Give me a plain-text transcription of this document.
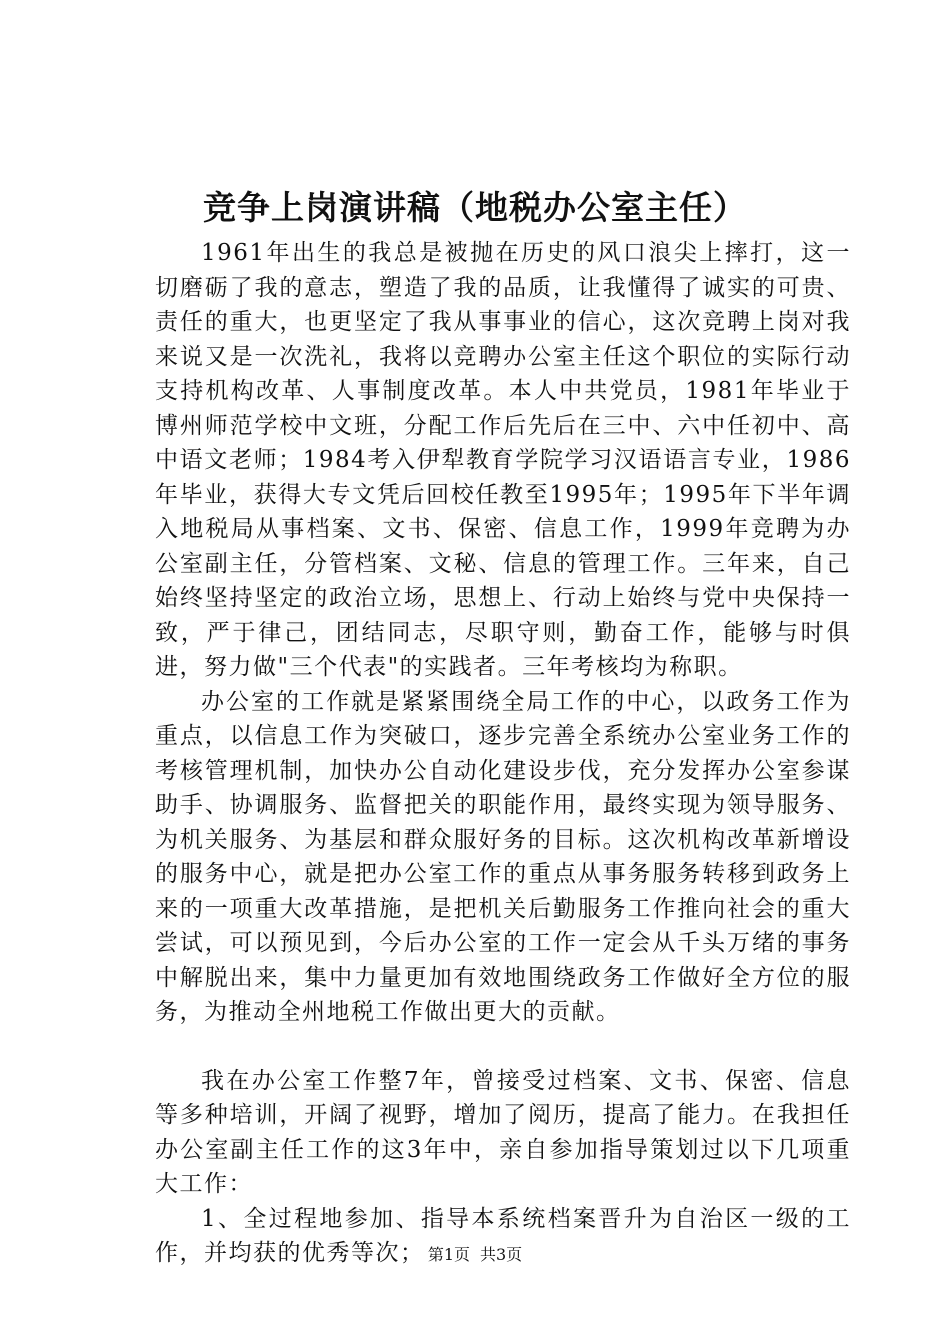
竞争上岗演讲稿（地税办公室主任）

1961年出生的我总是被抛在历史的风口浪尖上摔打，这一切磨砺了我的意志，塑造了我的品质，让我懂得了诚实的可贵、责任的重大，也更坚定了我从事事业的信心，这次竞聘上岗对我来说又是一次洗礼，我将以竞聘办公室主任这个职位的实际行动支持机构改革、人事制度改革。本人中共党员，1981年毕业于博州师范学校中文班，分配工作后先后在三中、六中任初中、高中语文老师；1984考入伊犁教育学院学习汉语语言专业，1986年毕业，获得大专文凭后回校任教至1995年；1995年下半年调入地税局从事档案、文书、保密、信息工作，1999年竞聘为办公室副主任，分管档案、文秘、信息的管理工作。三年来，自己始终坚持坚定的政治立场，思想上、行动上始终与党中央保持一致，严于律己，团结同志，尽职守则，勤奋工作，能够与时俱进，努力做"三个代表"的实践者。三年考核均为称职。

办公室的工作就是紧紧围绕全局工作的中心，以政务工作为重点，以信息工作为突破口，逐步完善全系统办公室业务工作的考核管理机制，加快办公自动化建设步伐，充分发挥办公室参谋助手、协调服务、监督把关的职能作用，最终实现为领导服务、为机关服务、为基层和群众服好务的目标。这次机构改革新增设的服务中心，就是把办公室工作的重点从事务服务转移到政务上来的一项重大改革措施，是把机关后勤服务工作推向社会的重大尝试，可以预见到，今后办公室的工作一定会从千头万绪的事务中解脱出来，集中力量更加有效地围绕政务工作做好全方位的服务，为推动全州地税工作做出更大的贡献。

我在办公室工作整7年，曾接受过档案、文书、保密、信息等多种培训，开阔了视野，增加了阅历，提高了能力。在我担任办公室副主任工作的这3年中，亲自参加指导策划过以下几项重大工作：

1、全过程地参加、指导本系统档案晋升为自治区一级的工作，并均获的优秀等次； 第1页 共3页
